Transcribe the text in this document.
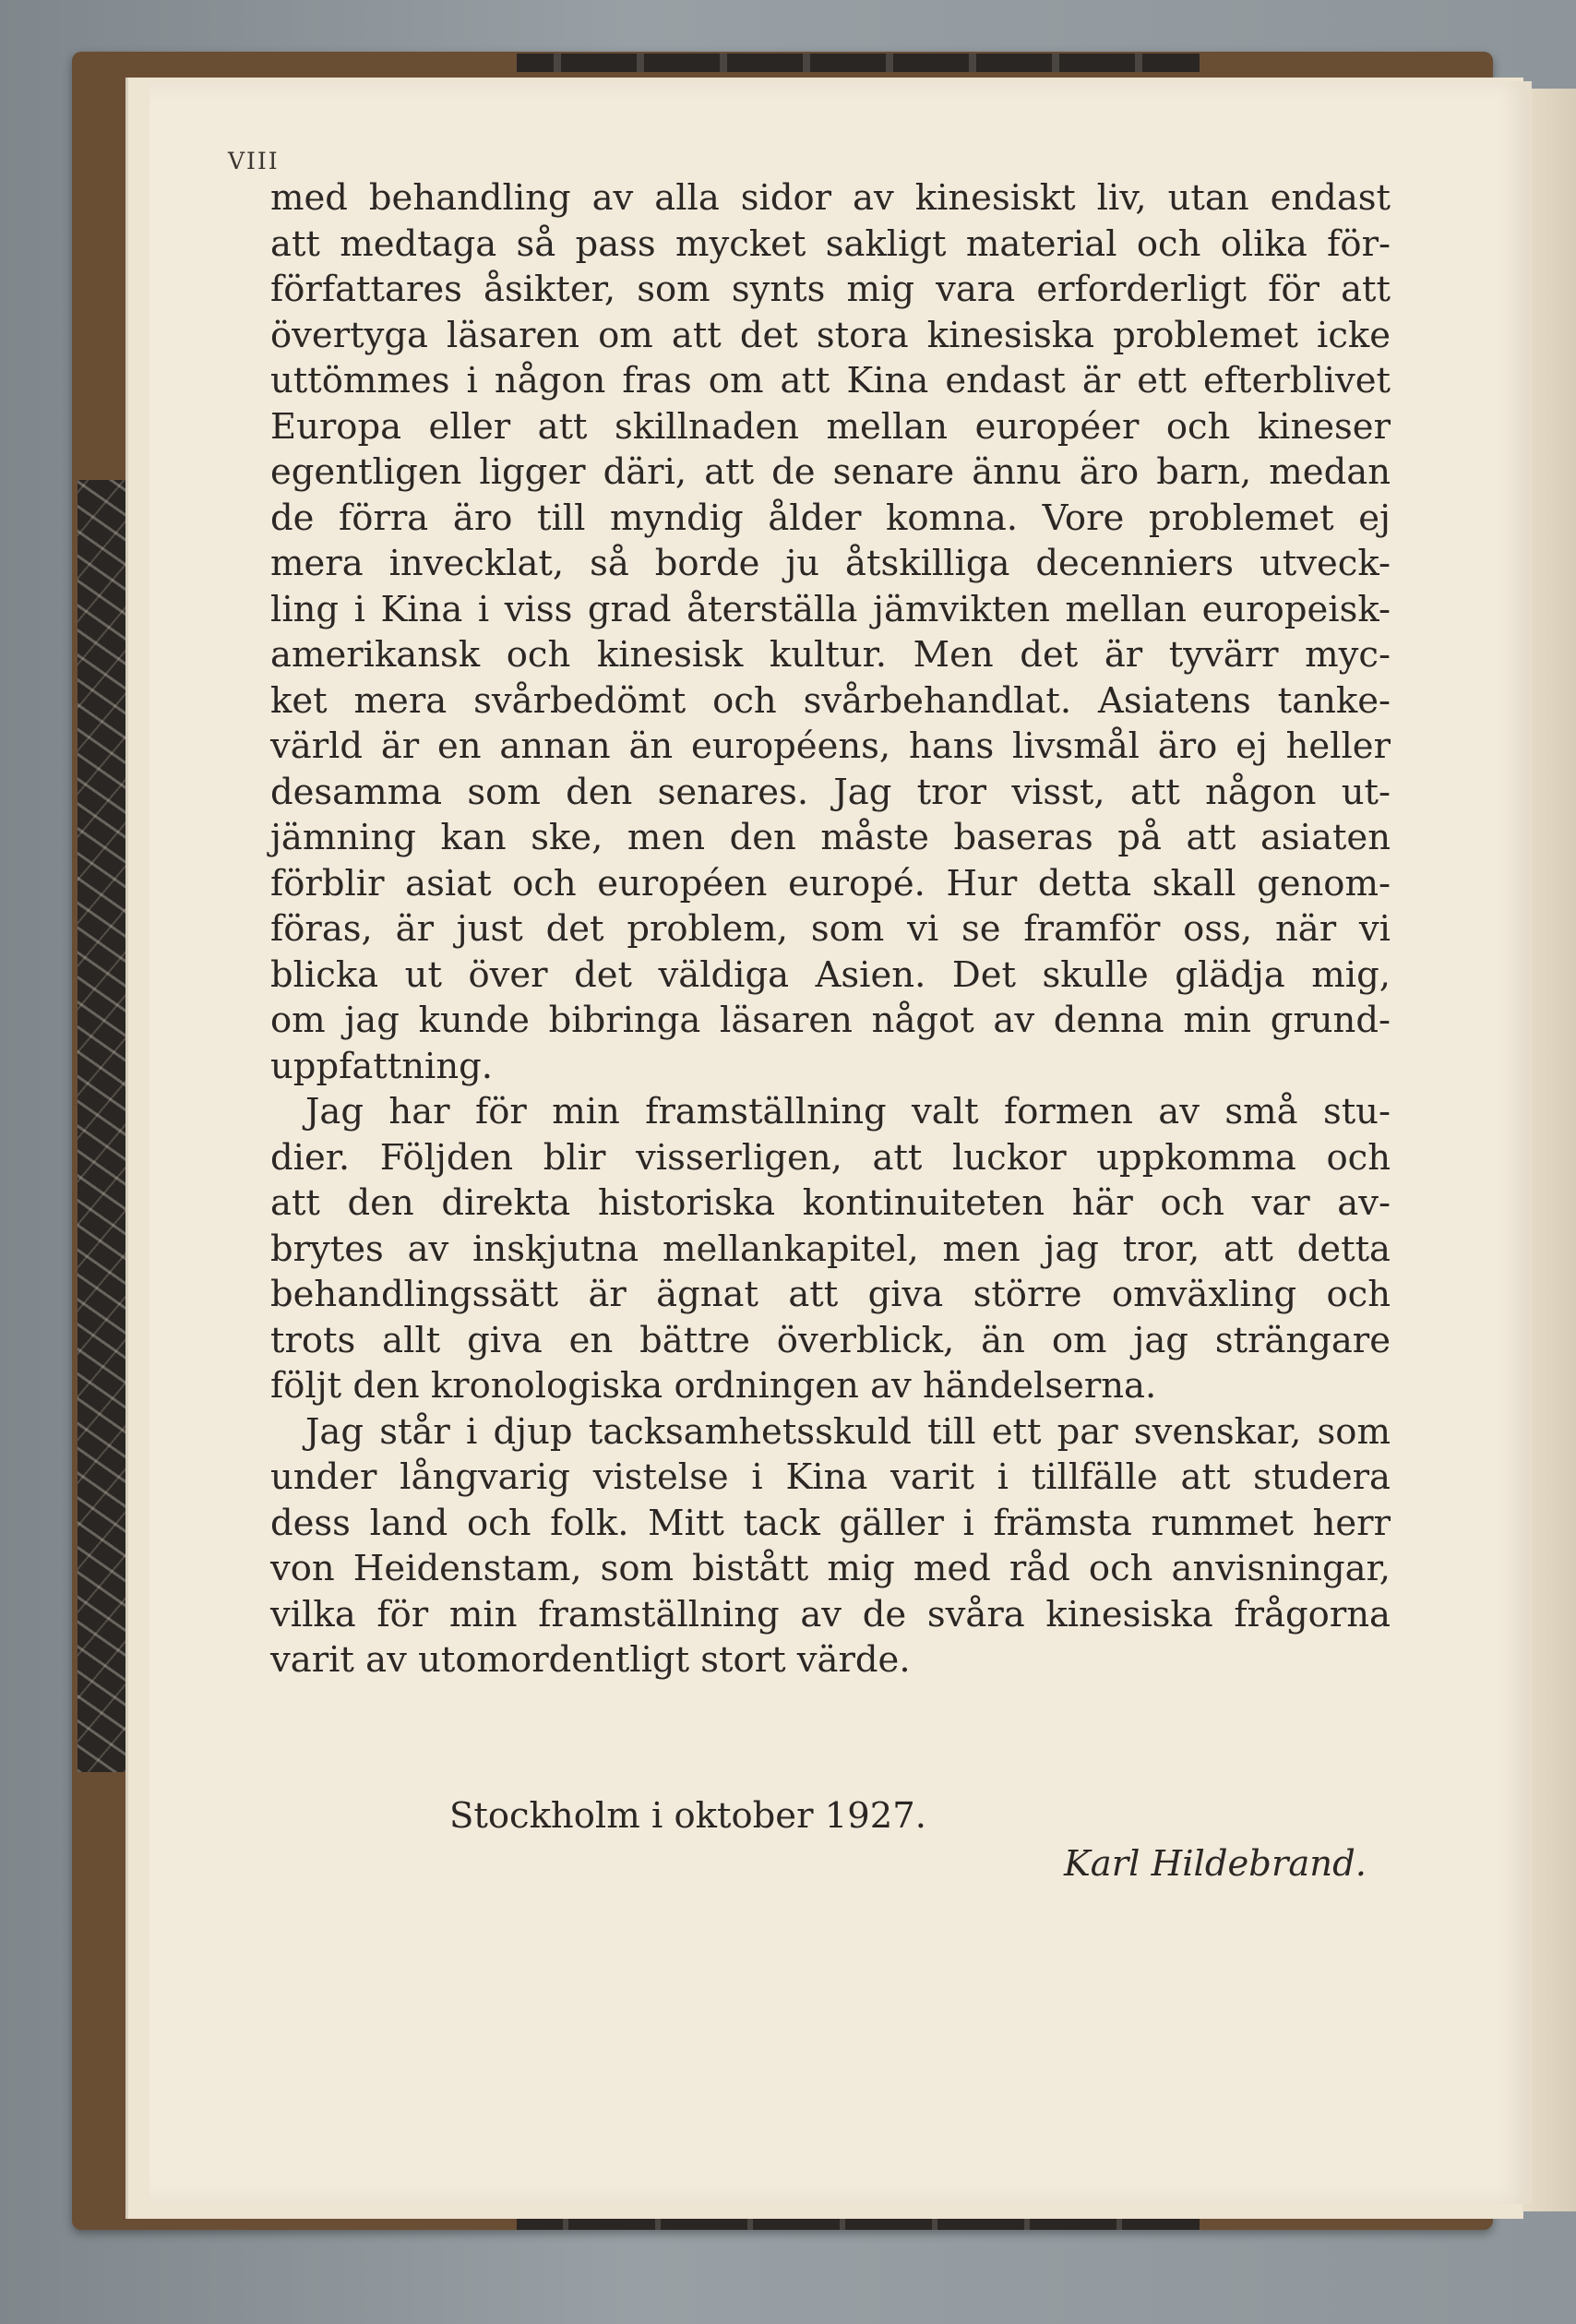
VIII
med behandling av alla sidor av kinesiskt liv, utan endast
att medtaga så pass mycket sakligt material och olika för-
författares åsikter, som synts mig vara erforderligt för att
övertyga läsaren om att det stora kinesiska problemet icke
uttömmes i någon fras om att Kina endast är ett efterblivet
Europa eller att skillnaden mellan européer och kineser
egentligen ligger däri, att de senare ännu äro barn, medan
de förra äro till myndig ålder komna. Vore problemet ej
mera invecklat, så borde ju åtskilliga decenniers utveck-
ling i Kina i viss grad återställa jämvikten mellan europeisk-
amerikansk och kinesisk kultur. Men det är tyvärr myc-
ket mera svårbedömt och svårbehandlat. Asiatens tanke-
värld är en annan än européens, hans livsmål äro ej heller
desamma som den senares. Jag tror visst, att någon ut-
jämning kan ske, men den måste baseras på att asiaten
förblir asiat och européen europé. Hur detta skall genom-
föras, är just det problem, som vi se framför oss, när vi
blicka ut över det väldiga Asien. Det skulle glädja mig,
om jag kunde bibringa läsaren något av denna min grund-
uppfattning.
Jag har för min framställning valt formen av små stu-
dier. Följden blir visserligen, att luckor uppkomma och
att den direkta historiska kontinuiteten här och var av-
brytes av inskjutna mellankapitel, men jag tror, att detta
behandlingssätt är ägnat att giva större omväxling och
trots allt giva en bättre överblick, än om jag strängare
följt den kronologiska ordningen av händelserna.
Jag står i djup tacksamhetsskuld till ett par svenskar, som
under långvarig vistelse i Kina varit i tillfälle att studera
dess land och folk. Mitt tack gäller i främsta rummet herr
von Heidenstam, som bistått mig med råd och anvisningar,
vilka för min framställning av de svåra kinesiska frågorna
varit av utomordentligt stort värde.
Stockholm i oktober 1927.
Karl Hildebrand.
